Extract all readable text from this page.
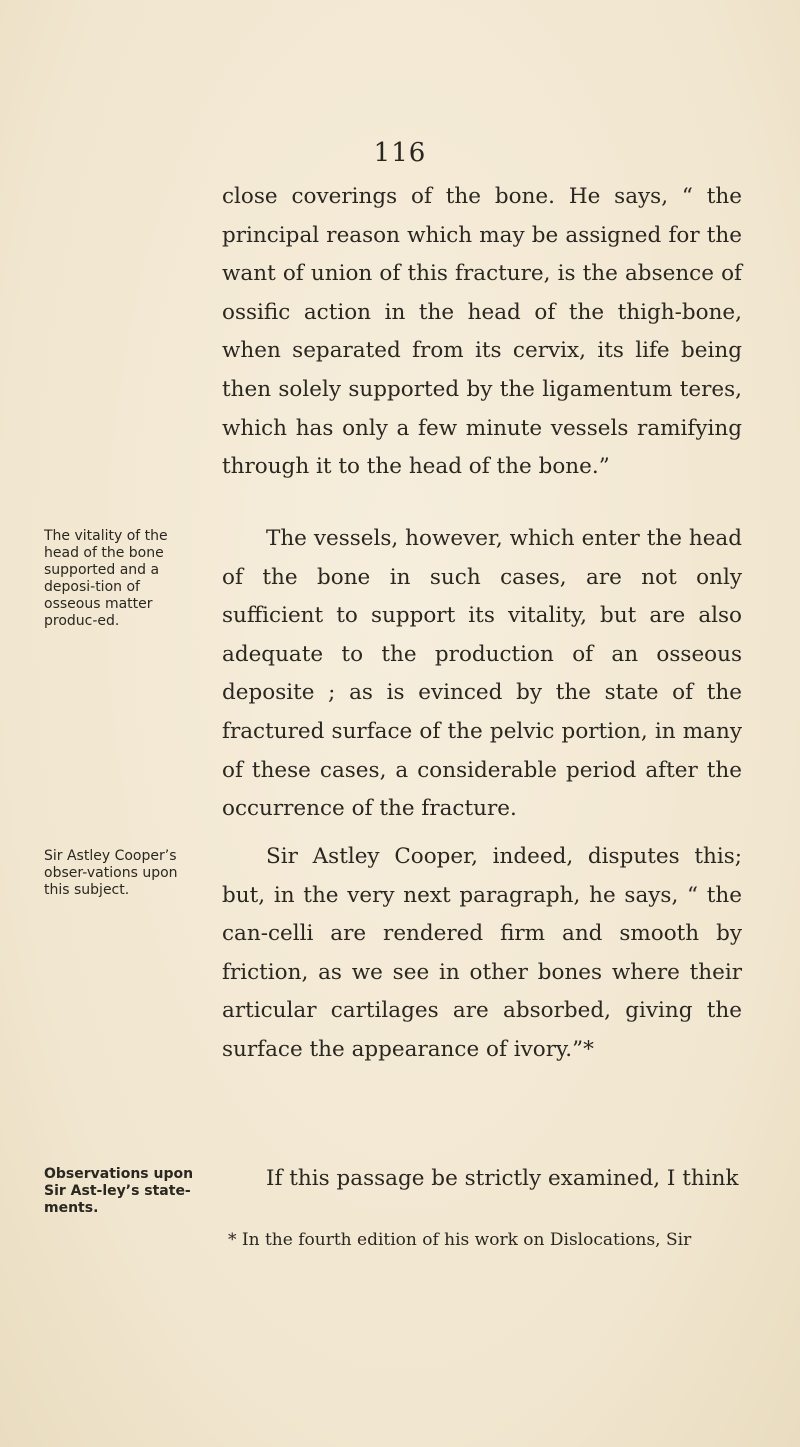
116

close coverings of the bone. He says, “ the principal reason which may be assigned for the want of union of this fracture, is the absence of ossific action in the head of the thigh-bone, when separated from its cervix, its life being then solely supported by the ligamentum teres, which has only a few minute vessels ramifying through it to the head of the bone.”

The vitality of the head of the bone supported and a deposi-tion of osseous matter produc-ed.

The vessels, however, which enter the head of the bone in such cases, are not only sufficient to support its vitality, but are also adequate to the production of an osseous deposite ; as is evinced by the state of the fractured surface of the pelvic portion, in many of these cases, a considerable period after the occurrence of the fracture.

Sir Astley Cooper’s obser-vations upon this subject.

Sir Astley Cooper, indeed, disputes this; but, in the very next paragraph, he says, “ the can-celli are rendered firm and smooth by friction, as we see in other bones where their articular cartilages are absorbed, giving the surface the appearance of ivory.”*

Observations upon Sir Ast-ley’s state-ments.

If this passage be strictly examined, I think

* In the fourth edition of his work on Dislocations, Sir
